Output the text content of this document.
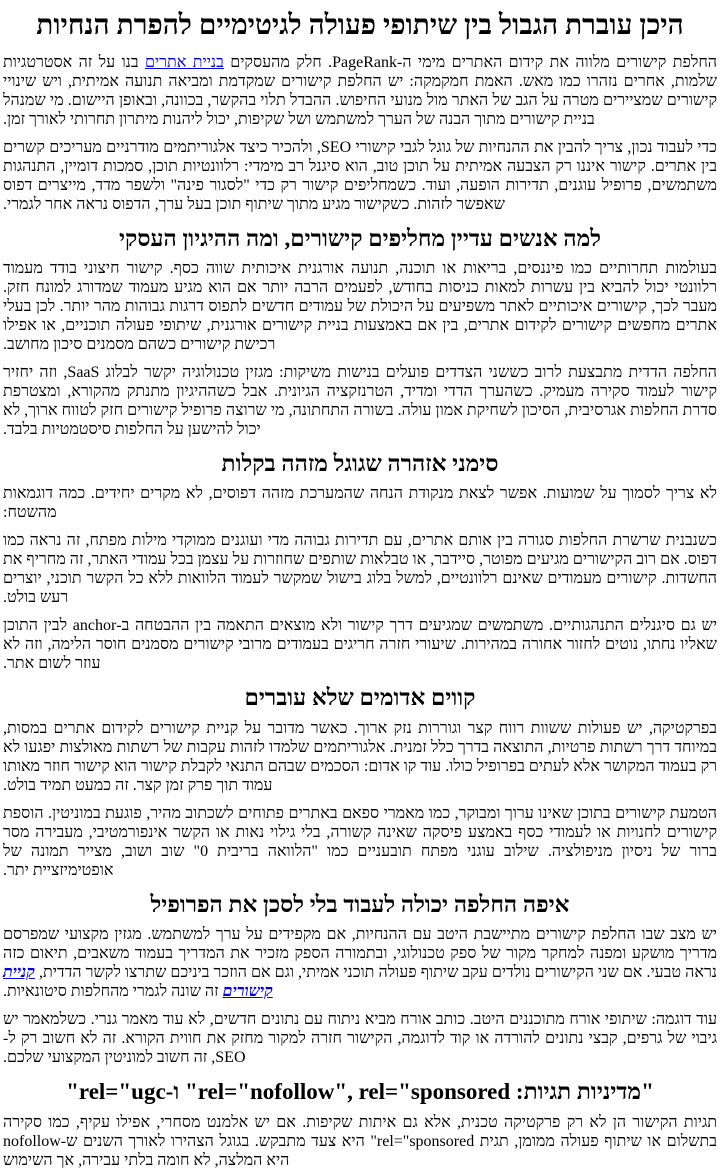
היכן עוברת הגבול בין שיתופי פעולה לגיטימיים להפרת הנחיות

החלפת קישורים מלווה את קידום האתרים מימי ה-PageRank. חלק מהעסקים בניית אתרים בנו על זה אסטרטגיות שלמות, אחרים נזהרו כמו מאש. האמת חמקמקה: יש החלפת קישורים שמקדמת ומביאה תנועה אמיתית, ויש שינויי קישורים שמציירים מטרה על הגב של האתר מול מנועי החיפוש. ההבדל תלוי בהקשר, בכוונה, ובאופן היישום. מי שמנהל בניית קישורים מתוך הבנה של הערך למשתמש ושל שקיפות, יכול ליהנות מיתרון תחרותי לאורך זמן.

כדי לעבוד נכון, צריך להבין את ההנחיות של גוגל לגבי קישורי SEO, ולהכיר כיצד אלגוריתמים מודרניים מעריכים קשרים בין אתרים. קישור איננו רק הצבעה אמיתית על תוכן טוב, הוא סיגנל רב מימדי: רלוונטיות תוכן, סמכות דומיין, התנהגות משתמשים, פרופיל עוגנים, תדירות הופעה, ועוד. כשמחליפים קישור רק כדי "לסגור פינה" ולשפר מדד, מייצרים דפוס שאפשר לזהות. כשקישור מגיע מתוך שיתוף תוכן בעל ערך, הדפוס נראה אחר לגמרי.

למה אנשים עדיין מחליפים קישורים, ומה ההיגיון העסקי

בעולמות תחרותיים כמו פיננסים, בריאות או תוכנה, תנועה אורגנית איכותית שווה כסף. קישור חיצוני בודד מעמוד רלוונטי יכול להביא בין עשרות למאות כניסות בחודש, לפעמים הרבה יותר אם הוא מגיע מעמוד שמדורג למונח חזק. מעבר לכך, קישורים איכותיים לאתר משפיעים על היכולת של עמודים חדשים לתפוס דרגות גבוהות מהר יותר. לכן בעלי אתרים מחפשים קישורים לקידום אתרים, בין אם באמצעות בניית קישורים אורגנית, שיתופי פעולה תוכניים, או אפילו רכישת קישורים כשהם מסמנים סיכון מחושב.

החלפה הדדית מתבצעת לרוב כששני הצדדים פועלים בנישות משיקות: מגזין טכנולוגיה יקשר לבלוג SaaS, וזה יחזיר קישור לעמוד סקירה מעמיק. כשהערך הדדי ומדיד, הטרנזקציה הגיונית. אבל כשההיגיון מתנתק מהקורא, ומצטרפת סדרת החלפות אגרסיבית, הסיכון לשחיקת אמון עולה. בשורה התחתונה, מי שרוצה פרופיל קישורים חזק לטווח ארוך, לא יכול להישען על החלפות סיסטמטיות בלבד.

סימני אזהרה שגוגל מזהה בקלות

לא צריך לסמוך על שמועות. אפשר לצאת מנקודת הנחה שהמערכת מזהה דפוסים, לא מקרים יחידים. כמה דוגמאות מהשטח:

כשנבנית שרשרת החלפות סגורה בין אותם אתרים, עם תדירות גבוהה מדי ועוגנים ממוקדי מילות מפתח, זה נראה כמו דפוס. אם רוב הקישורים מגיעים מפוטר, סיידבר, או טבלאות שותפים שחוזרות על עצמן בכל עמודי האתר, זה מחריף את החשדות. קישורים מעמודים שאינם רלוונטיים, למשל בלוג בישול שמקשר לעמוד הלוואות ללא כל הקשר תוכני, יוצרים רעש בולט.

יש גם סיגנלים התנהגותיים. משתמשים שמגיעים דרך קישור ולא מוצאים התאמה בין ההבטחה ב-anchor לבין התוכן שאליו נחתו, נוטים לחזור אחורה במהירות. שיעורי חזרה חריגים בעמודים מרובי קישורים מסמנים חוסר הלימה, וזה לא עוזר לשום אתר.

קווים אדומים שלא עוברים

בפרקטיקה, יש פעולות ששוות רווח קצר וגוררות נזק ארוך. כאשר מדובר על קניית קישורים לקידום אתרים במסות, במיוחד דרך רשתות פרטיות, התוצאה בדרך כלל זמנית. אלגוריתמים שלמדו לזהות עקבות של רשתות מאולצות יפגעו לא רק בעמוד המקושר אלא לעתים בפרופיל כולו. עוד קו אדום: הסכמים שבהם התנאי לקבלת קישור הוא קישור חוזר מאותו עמוד תוך פרק זמן קצר. זה כמעט תמיד בולט.

הטמעת קישורים בתוכן שאינו ערוך ומבוקר, כמו מאמרי ספאם באתרים פתוחים לשכתוב מהיר, פוגעת במוניטין. הוספת קישורים לחנויות או לעמודי כסף באמצע פיסקה שאינה קשורה, בלי גילוי נאות או הקשר אינפורמטיבי, מעבירה מסר ברור של ניסיון מניפולציה. שילוב עוגני מפתח תובעניים כמו "הלוואה בריבית 0" שוב ושוב, מצייר תמונה של אופטימיזציית יתר.

איפה החלפה יכולה לעבוד בלי לסכן את הפרופיל

יש מצב שבו החלפת קישורים מתיישבת היטב עם ההנחיות, אם מקפידים על ערך למשתמש. מגזין מקצועי שמפרסם מדריך מושקע ומפנה למחקר מקור של ספק טכנולוגי, ובתמורה הספק מזכיר את המדריך בעמוד משאבים, תיאום כזה נראה טבעי. אם שני הקישורים נולדים עקב שיתוף פעולה תוכני אמיתי, וגם אם הוזכר ביניכם שתרצו לקשר הדדית, קניית קישורים זה שונה לגמרי מהחלפות סיטונאיות.

עוד דוגמה: שיתופי אורח מתוכננים היטב. כותב אורח מביא ניתוח עם נתונים חדשים, לא עוד מאמר גנרי. כשלמאמר יש גיבוי של גרפים, קבצי נתונים להורדה או קוד לדוגמה, הקישור חזרה למקור מחזק את חווית הקורא. זה לא חשוב רק ל-SEO, זה חשוב למוניטין המקצועי שלכם.

"rel="ugc-ו "rel="nofollow", rel="sponsored :מדיניות תגיות"

תגיות הקישור הן לא רק פרקטיקה טכנית, אלא גם איתות שקיפות. אם יש אלמנט מסחרי, אפילו עקיף, כמו סקירה בתשלום או שיתוף פעולה ממומן, תגית rel="sponsored" היא צעד מתבקש. בגוגל הצהירו לאורך השנים ש-nofollow היא המלצה, לא חומה בלתי עבירה, אך השימוש
